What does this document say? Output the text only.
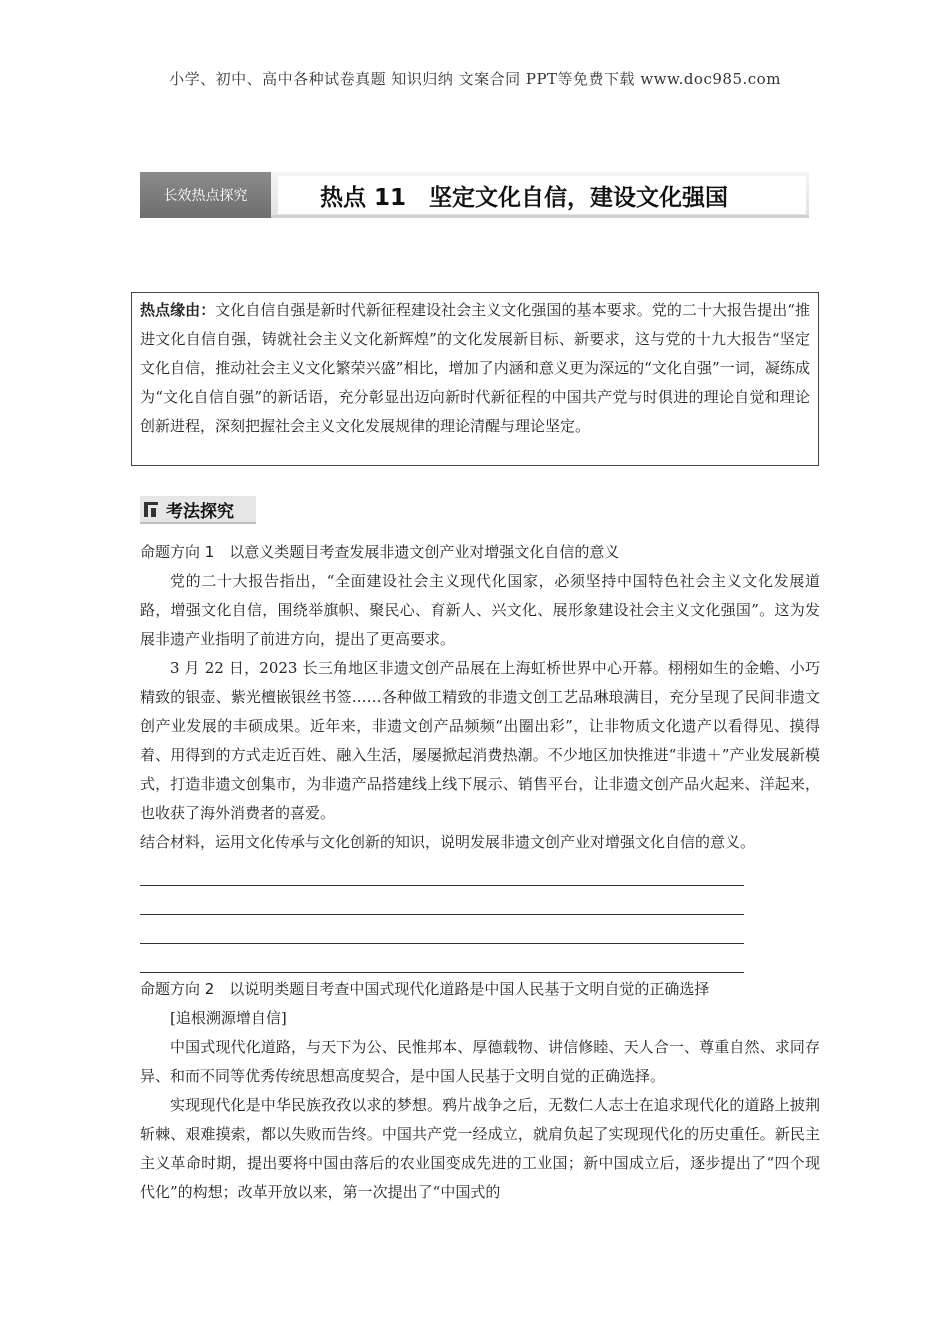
小学、初中、高中各种试卷真题 知识归纳 文案合同 PPT等免费下载 www.doc985.com
长效热点探究	热点 11　坚定文化自信，建设文化强国
热点缘由：文化自信自强是新时代新征程建设社会主义文化强国的基本要求。党的二十大报告提出“推进文化自信自强，铸就社会主义文化新辉煌”的文化发展新目标、新要求，这与党的十九大报告“坚定文化自信，推动社会主义文化繁荣兴盛”相比，增加了内涵和意义更为深远的“文化自强”一词，凝练成为“文化自信自强”的新话语，充分彰显出迈向新时代新征程的中国共产党与时俱进的理论自觉和理论创新进程，深刻把握社会主义文化发展规律的理论清醒与理论坚定。
考法探究
命题方向 1　以意义类题目考查发展非遗文创产业对增强文化自信的意义
党的二十大报告指出，“全面建设社会主义现代化国家，必须坚持中国特色社会主义文化发展道路，增强文化自信，围绕举旗帜、聚民心、育新人、兴文化、展形象建设社会主义文化强国”。这为发展非遗产业指明了前进方向，提出了更高要求。
3 月 22 日，2023 长三角地区非遗文创产品展在上海虹桥世界中心开幕。栩栩如生的金蟾、小巧精致的银壶、紫光檀嵌银丝书签……各种做工精致的非遗文创工艺品琳琅满目，充分呈现了民间非遗文创产业发展的丰硕成果。近年来，非遗文创产品频频“出圈出彩”，让非物质文化遗产以看得见、摸得着、用得到的方式走近百姓、融入生活，屡屡掀起消费热潮。不少地区加快推进“非遗＋”产业发展新模式，打造非遗文创集市，为非遗产品搭建线上线下展示、销售平台，让非遗文创产品火起来、洋起来，也收获了海外消费者的喜爱。
结合材料，运用文化传承与文化创新的知识，说明发展非遗文创产业对增强文化自信的意义。
命题方向 2　以说明类题目考查中国式现代化道路是中国人民基于文明自觉的正确选择
[追根溯源增自信]
中国式现代化道路，与天下为公、民惟邦本、厚德载物、讲信修睦、天人合一、尊重自然、求同存异、和而不同等优秀传统思想高度契合，是中国人民基于文明自觉的正确选择。
实现现代化是中华民族孜孜以求的梦想。鸦片战争之后，无数仁人志士在追求现代化的道路上披荆斩棘、艰难摸索，都以失败而告终。中国共产党一经成立，就肩负起了实现现代化的历史重任。新民主主义革命时期，提出要将中国由落后的农业国变成先进的工业国；新中国成立后，逐步提出了“四个现代化”的构想；改革开放以来，第一次提出了“中国式的
